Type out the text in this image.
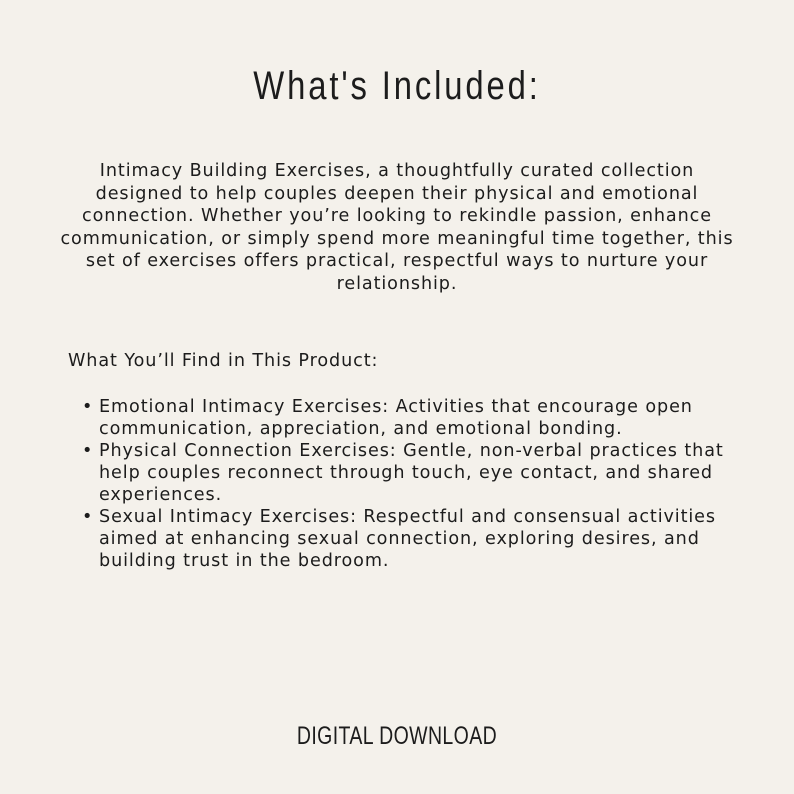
What's Included:

Intimacy Building Exercises, a thoughtfully curated collection designed to help couples deepen their physical and emotional connection. Whether you’re looking to rekindle passion, enhance communication, or simply spend more meaningful time together, this set of exercises offers practical, respectful ways to nurture your relationship.

What You’ll Find in This Product:
• Emotional Intimacy Exercises: Activities that encourage open communication, appreciation, and emotional bonding.
• Physical Connection Exercises: Gentle, non-verbal practices that help couples reconnect through touch, eye contact, and shared experiences.
• Sexual Intimacy Exercises: Respectful and consensual activities aimed at enhancing sexual connection, exploring desires, and building trust in the bedroom.
DIGITAL DOWNLOAD
